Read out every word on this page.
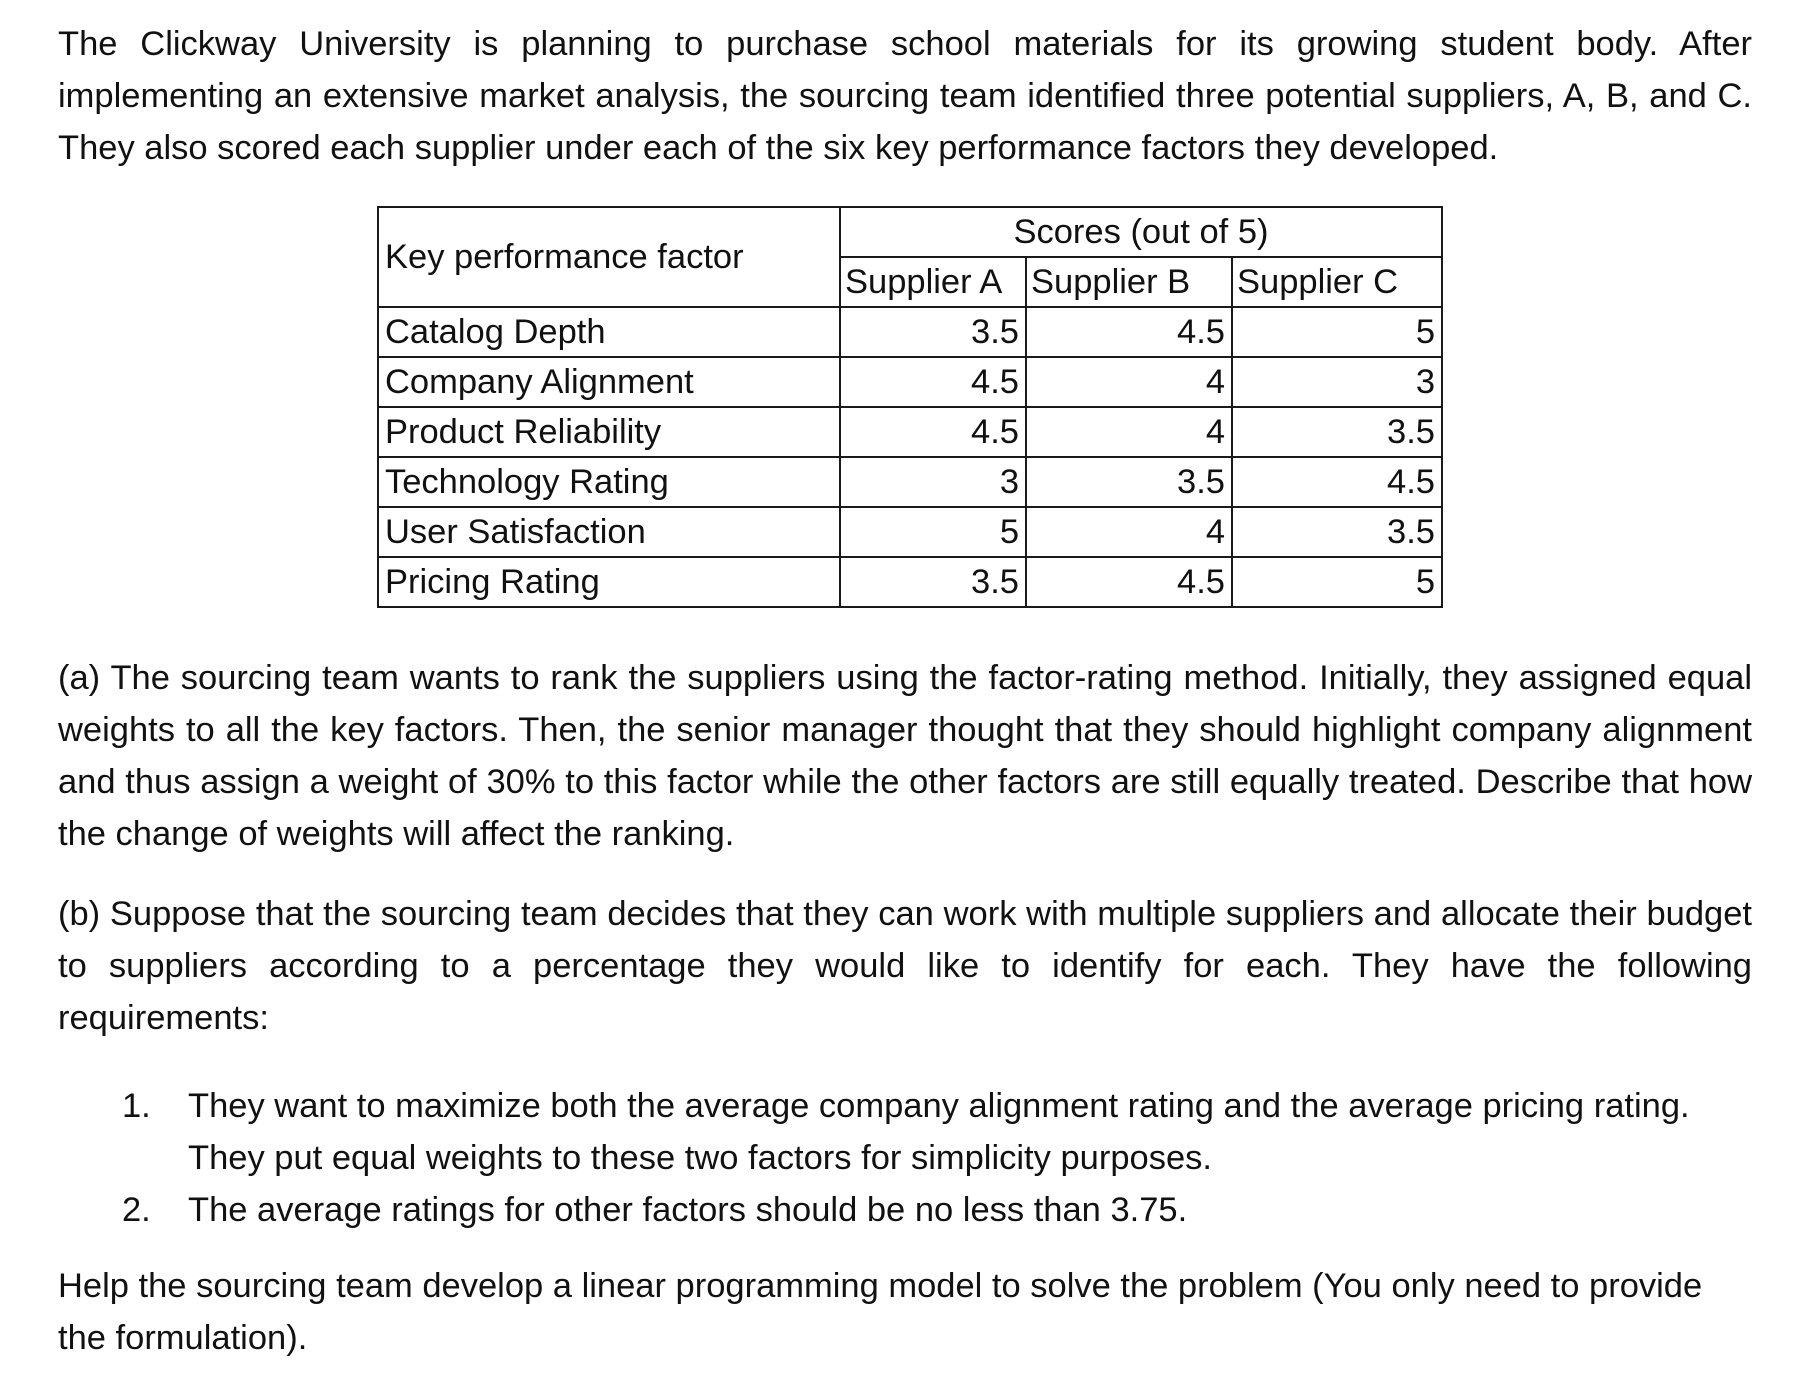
The Clickway University is planning to purchase school materials for its growing student body. After implementing an extensive market analysis, the sourcing team identified three potential suppliers, A, B, and C. They also scored each supplier under each of the six key performance factors they developed.

Key performance factor	Scores (out of 5)		
	Supplier A	Supplier B	Supplier C
Catalog Depth	3.5	4.5	5
Company Alignment	4.5	4	3
Product Reliability	4.5	4	3.5
Technology Rating	3	3.5	4.5
User Satisfaction	5	4	3.5
Pricing Rating	3.5	4.5	5

(a) The sourcing team wants to rank the suppliers using the factor-rating method. Initially, they assigned equal weights to all the key factors. Then, the senior manager thought that they should highlight company alignment and thus assign a weight of 30% to this factor while the other factors are still equally treated. Describe that how the change of weights will affect the ranking.

(b) Suppose that the sourcing team decides that they can work with multiple suppliers and allocate their budget to suppliers according to a percentage they would like to identify for each. They have the following requirements:

1. They want to maximize both the average company alignment rating and the average pricing rating. They put equal weights to these two factors for simplicity purposes.
2. The average ratings for other factors should be no less than 3.75.

Help the sourcing team develop a linear programming model to solve the problem (You only need to provide the formulation).
